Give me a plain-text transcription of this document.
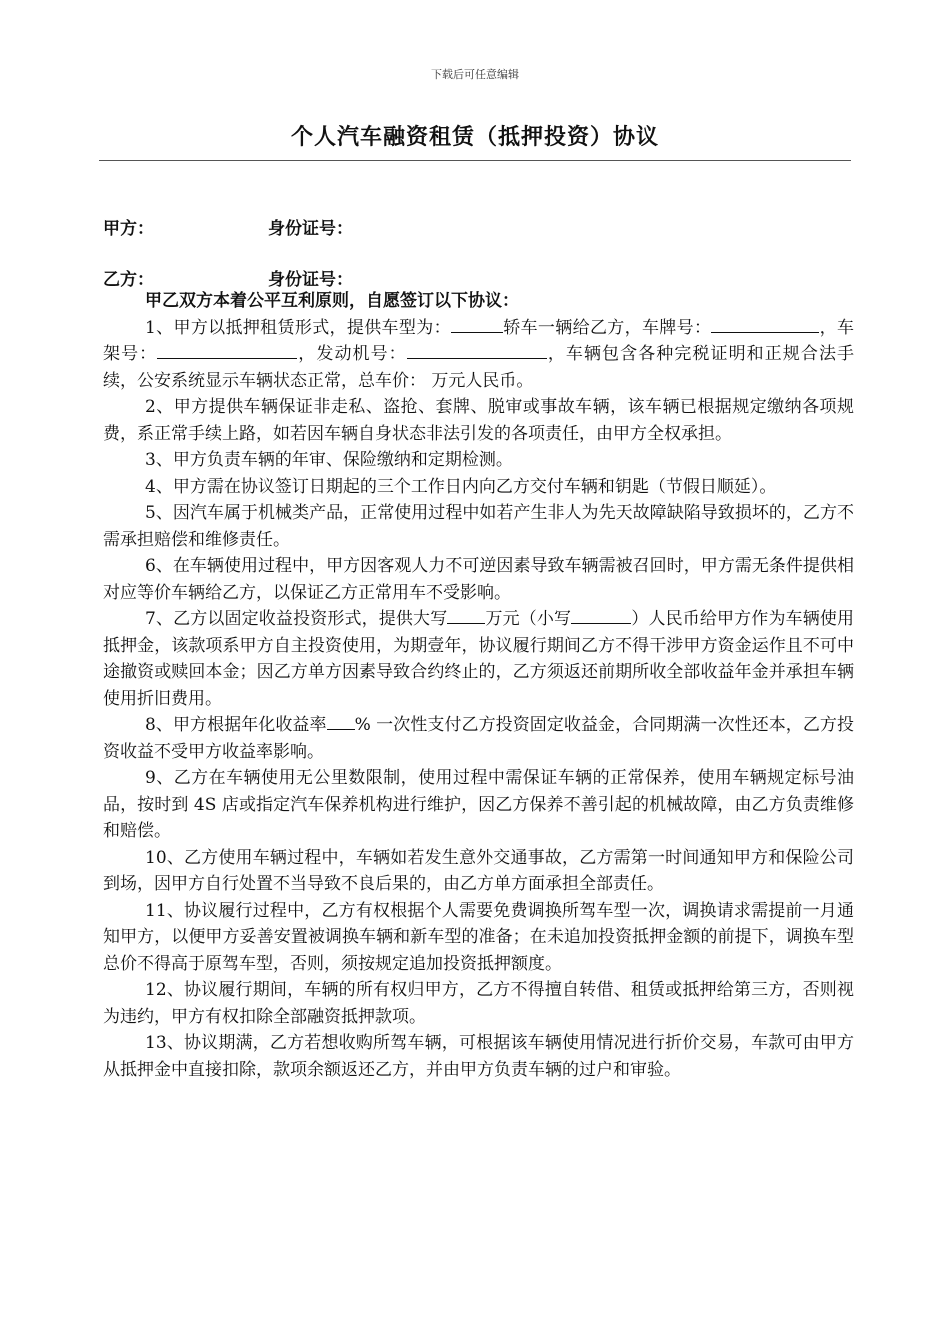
下载后可任意编辑
个人汽车融资租赁（抵押投资）协议
甲方：	身份证号：
乙方：	身份证号：

甲乙双方本着公平互利原则，自愿签订以下协议：

1、甲方以抵押租赁形式，提供车型为：	轿车一辆给乙方，车牌号：	，车架号：	，发动机号：	，车辆包含各种完税证明和正规合法手续，公安系统显示车辆状态正常，总车价： 万元人民币。

2、甲方提供车辆保证非走私、盗抢、套牌、脱审或事故车辆，该车辆已根据规定缴纳各项规费，系正常手续上路，如若因车辆自身状态非法引发的各项责任，由甲方全权承担。

3、甲方负责车辆的年审、保险缴纳和定期检测。

4、甲方需在协议签订日期起的三个工作日内向乙方交付车辆和钥匙（节假日顺延）。

5、因汽车属于机械类产品，正常使用过程中如若产生非人为先天故障缺陷导致损坏的，乙方不需承担赔偿和维修责任。

6、在车辆使用过程中，甲方因客观人力不可逆因素导致车辆需被召回时，甲方需无条件提供相对应等价车辆给乙方，以保证乙方正常用车不受影响。

7、乙方以固定收益投资形式，提供大写 万元（小写	）人民币给甲方作为车辆使用抵押金，该款项系甲方自主投资使用，为期壹年，协议履行期间乙方不得干涉甲方资金运作且不可中途撤资或赎回本金；因乙方单方因素导致合约终止的，乙方须返还前期所收全部收益年金并承担车辆使用折旧费用。

8、甲方根据年化收益率 % 一次性支付乙方投资固定收益金，合同期满一次性还本，乙方投资收益不受甲方收益率影响。

9、乙方在车辆使用无公里数限制，使用过程中需保证车辆的正常保养，使用车辆规定标号油品，按时到 4S 店或指定汽车保养机构进行维护，因乙方保养不善引起的机械故障，由乙方负责维修和赔偿。

10、乙方使用车辆过程中，车辆如若发生意外交通事故，乙方需第一时间通知甲方和保险公司到场，因甲方自行处置不当导致不良后果的，由乙方单方面承担全部责任。

11、协议履行过程中，乙方有权根据个人需要免费调换所驾车型一次，调换请求需提前一月通知甲方，以便甲方妥善安置被调换车辆和新车型的准备；在未追加投资抵押金额的前提下，调换车型总价不得高于原驾车型，否则，须按规定追加投资抵押额度。

12、协议履行期间，车辆的所有权归甲方，乙方不得擅自转借、租赁或抵押给第三方，否则视为违约，甲方有权扣除全部融资抵押款项。

13、协议期满，乙方若想收购所驾车辆，可根据该车辆使用情况进行折价交易，车款可由甲方从抵押金中直接扣除，款项余额返还乙方，并由甲方负责车辆的过户和审验。
